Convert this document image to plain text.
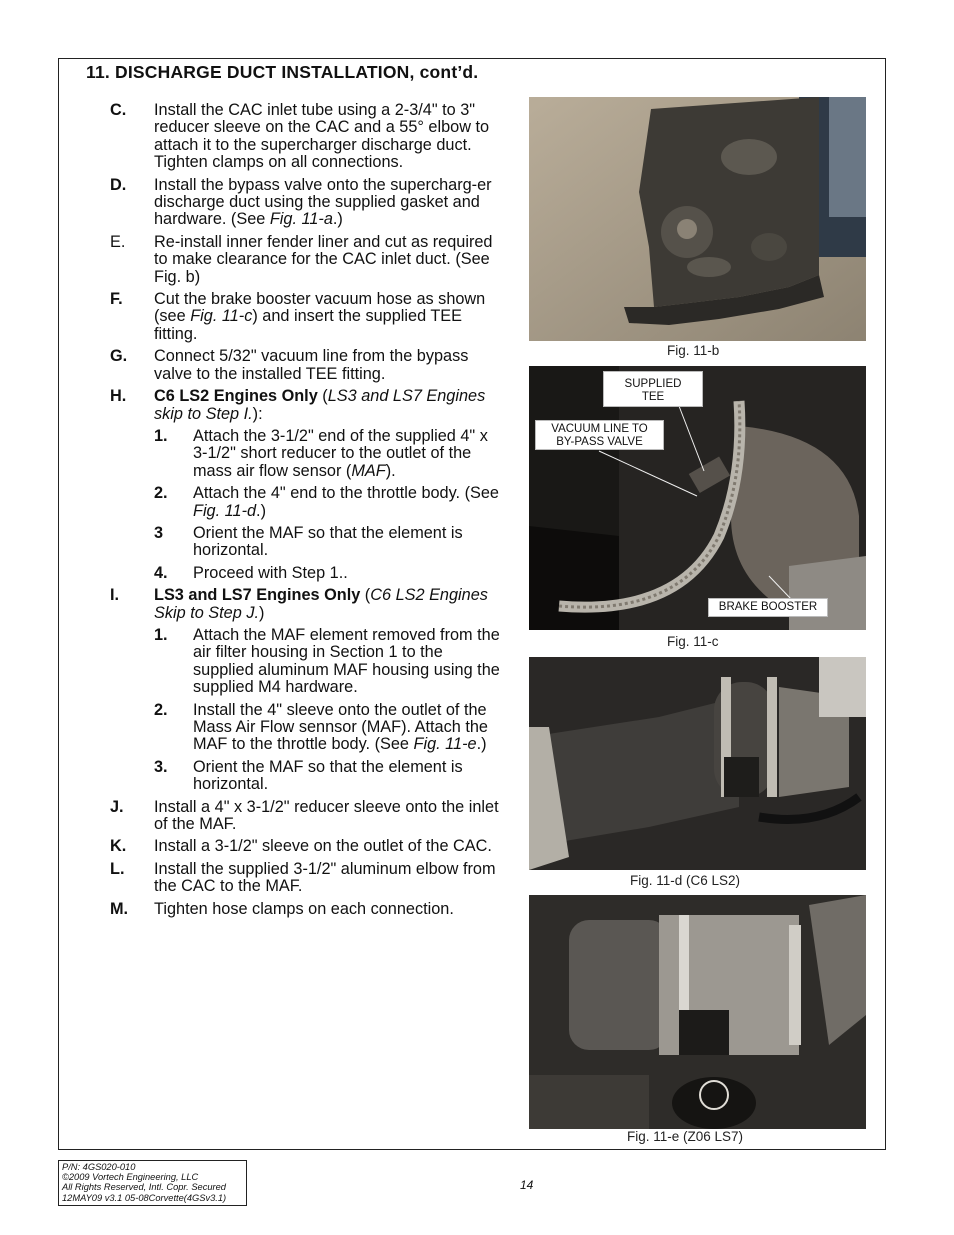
11. DISCHARGE DUCT INSTALLATION, cont’d.
C.	Install the CAC inlet tube using a 2-3/4" to 3" reducer sleeve on the CAC and a 55° elbow to attach it to the supercharger discharge duct. Tighten clamps on all connections.
D.	Install the bypass valve onto the supercharg-er discharge duct using the supplied gasket and hardware. (See Fig. 11-a.)
E.	Re-install inner fender liner and cut as required to make clearance for the CAC inlet duct. (See Fig. b)
F.	Cut the brake booster vacuum hose as shown (see Fig. 11-c) and insert the supplied TEE fitting.
G.	Connect 5/32" vacuum line from the bypass valve to the installed TEE fitting.
H.	C6 LS2 Engines Only (LS3 and LS7 Engines skip to Step I.):
1.	Attach the 3-1/2" end of the supplied 4" x 3-1/2" short reducer to the outlet of the mass air flow sensor (MAF).
2.	Attach the 4" end to the throttle body. (See Fig. 11-d.)
3	Orient the MAF so that the element is horizontal.
4.	Proceed with Step 1..
I.	LS3 and LS7 Engines Only (C6 LS2 Engines Skip to Step J.)
1.	Attach the MAF element removed from the air filter housing in Section 1 to the supplied aluminum MAF housing using the supplied M4 hardware.
2.	Install the 4" sleeve onto the outlet of the Mass Air Flow sennsor (MAF). Attach the MAF to the throttle body. (See Fig. 11-e.)
3.	Orient the MAF so that the element is horizontal.
J.	Install a 4" x 3-1/2" reducer sleeve onto the inlet of the MAF.
K.	Install a 3-1/2" sleeve on the outlet of the CAC.
L.	Install the supplied 3-1/2" aluminum elbow from the CAC to the MAF.
M.	Tighten hose clamps on each connection.
Fig. 11-b
SUPPLIED
TEE
VACUUM LINE TO
BY-PASS VALVE
BRAKE BOOSTER
Fig. 11-c
Fig. 11-d (C6 LS2)
Fig. 11-e (Z06 LS7)
P/N: 4GS020-010
©2009 Vortech Engineering, LLC
All Rights Reserved, Intl. Copr. Secured
12MAY09 v3.1 05-08Corvette(4GSv3.1)
14
